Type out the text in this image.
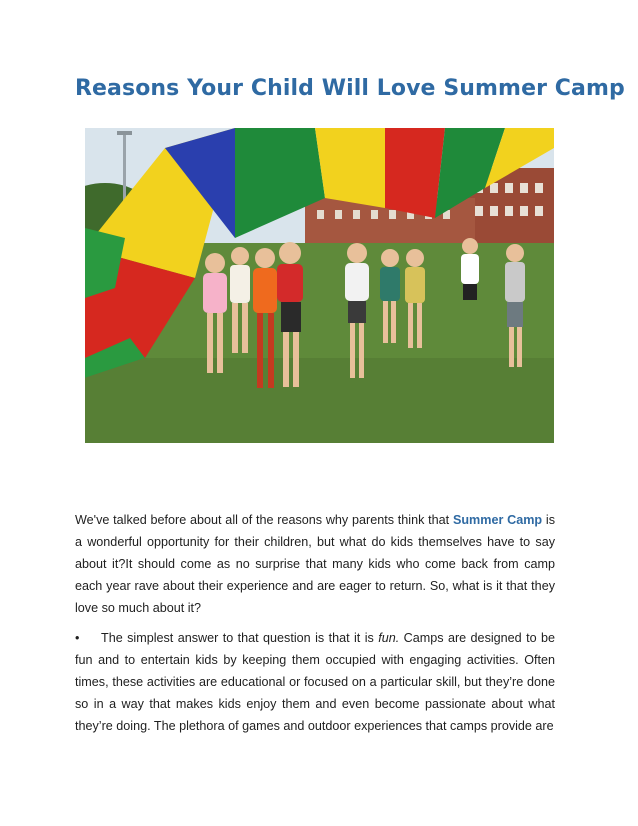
Reasons Your Child Will Love Summer Camp

We've talked before about all of the reasons why parents think that Summer Camp is a wonderful opportunity for their children, but what do kids themselves have to say about it?It should come as no surprise that many kids who come back from camp each year rave about their experience and are eager to return. So, what is it that they love so much about it?

• The simplest answer to that question is that it is fun. Camps are designed to be fun and to entertain kids by keeping them occupied with engaging activities. Often times, these activities are educational or focused on a particular skill, but they’re done so in a way that makes kids enjoy them and even become passionate about what they’re doing. The plethora of games and outdoor experiences that camps provide are
